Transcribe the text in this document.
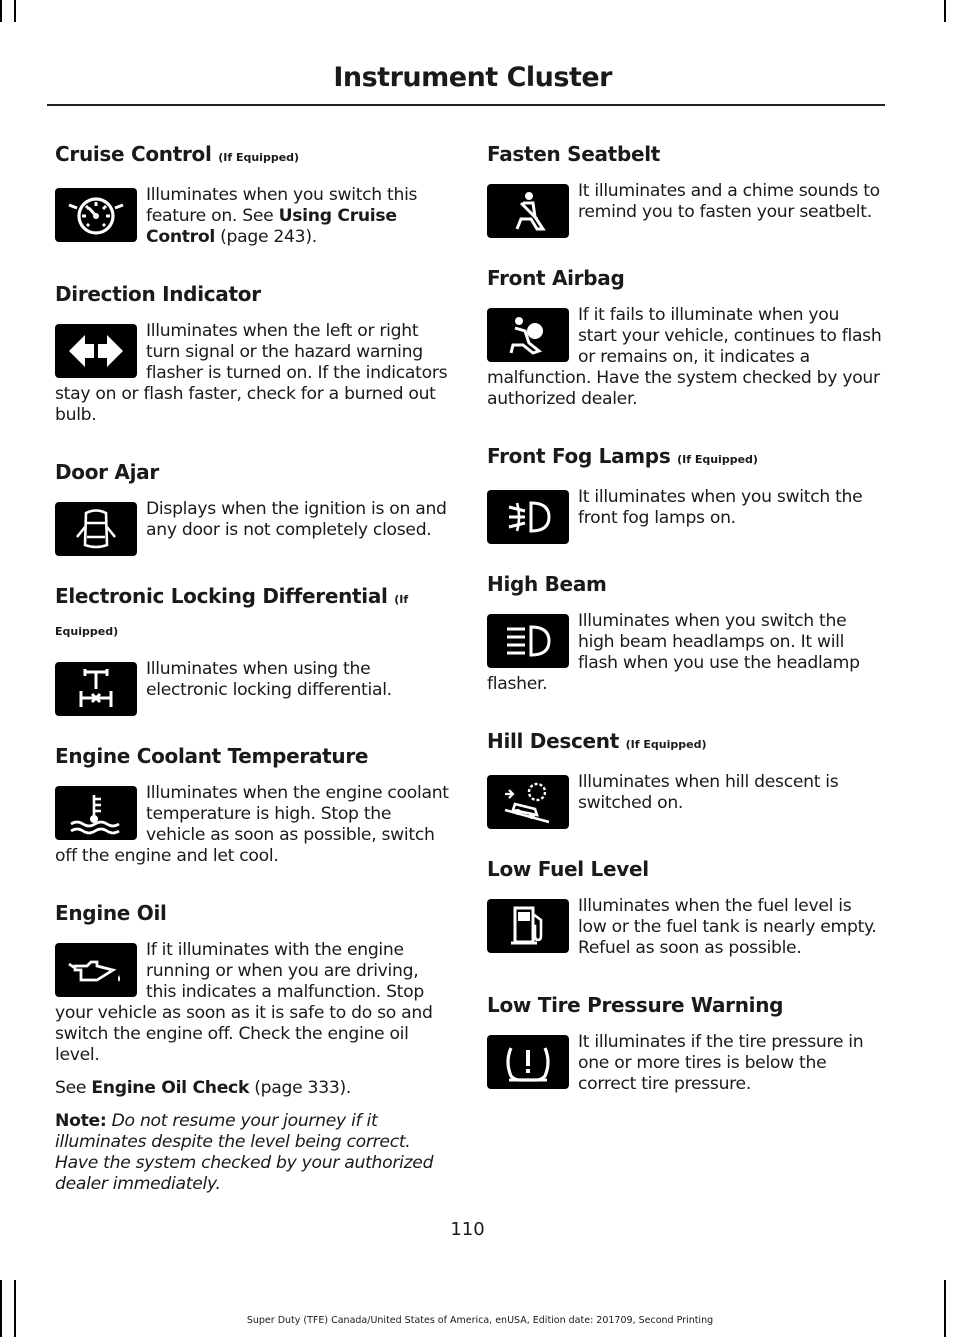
Instrument Cluster
Cruise Control (If Equipped)

Illuminates when you switch this feature on. See Using Cruise Control (page 243).

Direction Indicator

Illuminates when the left or right turn signal or the hazard warning flasher is turned on. If the indicators stay on or flash faster, check for a burned out bulb.

Door Ajar

Displays when the ignition is on and any door is not completely closed.

Electronic Locking Differential (If Equipped)

Illuminates when using the electronic locking differential.

Engine Coolant Temperature

Illuminates when the engine coolant temperature is high. Stop the vehicle as soon as possible, switch off the engine and let cool.

Engine Oil

If it illuminates with the engine running or when you are driving, this indicates a malfunction. Stop your vehicle as soon as it is safe to do so and switch the engine off. Check the engine oil level.

See Engine Oil Check (page 333).

Note: Do not resume your journey if it illuminates despite the level being correct. Have the system checked by your authorized dealer immediately.

Fasten Seatbelt

It illuminates and a chime sounds to remind you to fasten your seatbelt.

Front Airbag

If it fails to illuminate when you start your vehicle, continues to flash or remains on, it indicates a malfunction. Have the system checked by your authorized dealer.

Front Fog Lamps (If Equipped)

It illuminates when you switch the front fog lamps on.

High Beam

Illuminates when you switch the high beam headlamps on. It will flash when you use the headlamp flasher.

Hill Descent (If Equipped)

Illuminates when hill descent is switched on.

Low Fuel Level

Illuminates when the fuel level is low or the fuel tank is nearly empty. Refuel as soon as possible.

Low Tire Pressure Warning

It illuminates if the tire pressure in one or more tires is below the correct tire pressure.

110
Super Duty (TFE) Canada/United States of America, enUSA, Edition date: 201709, Second Printing
